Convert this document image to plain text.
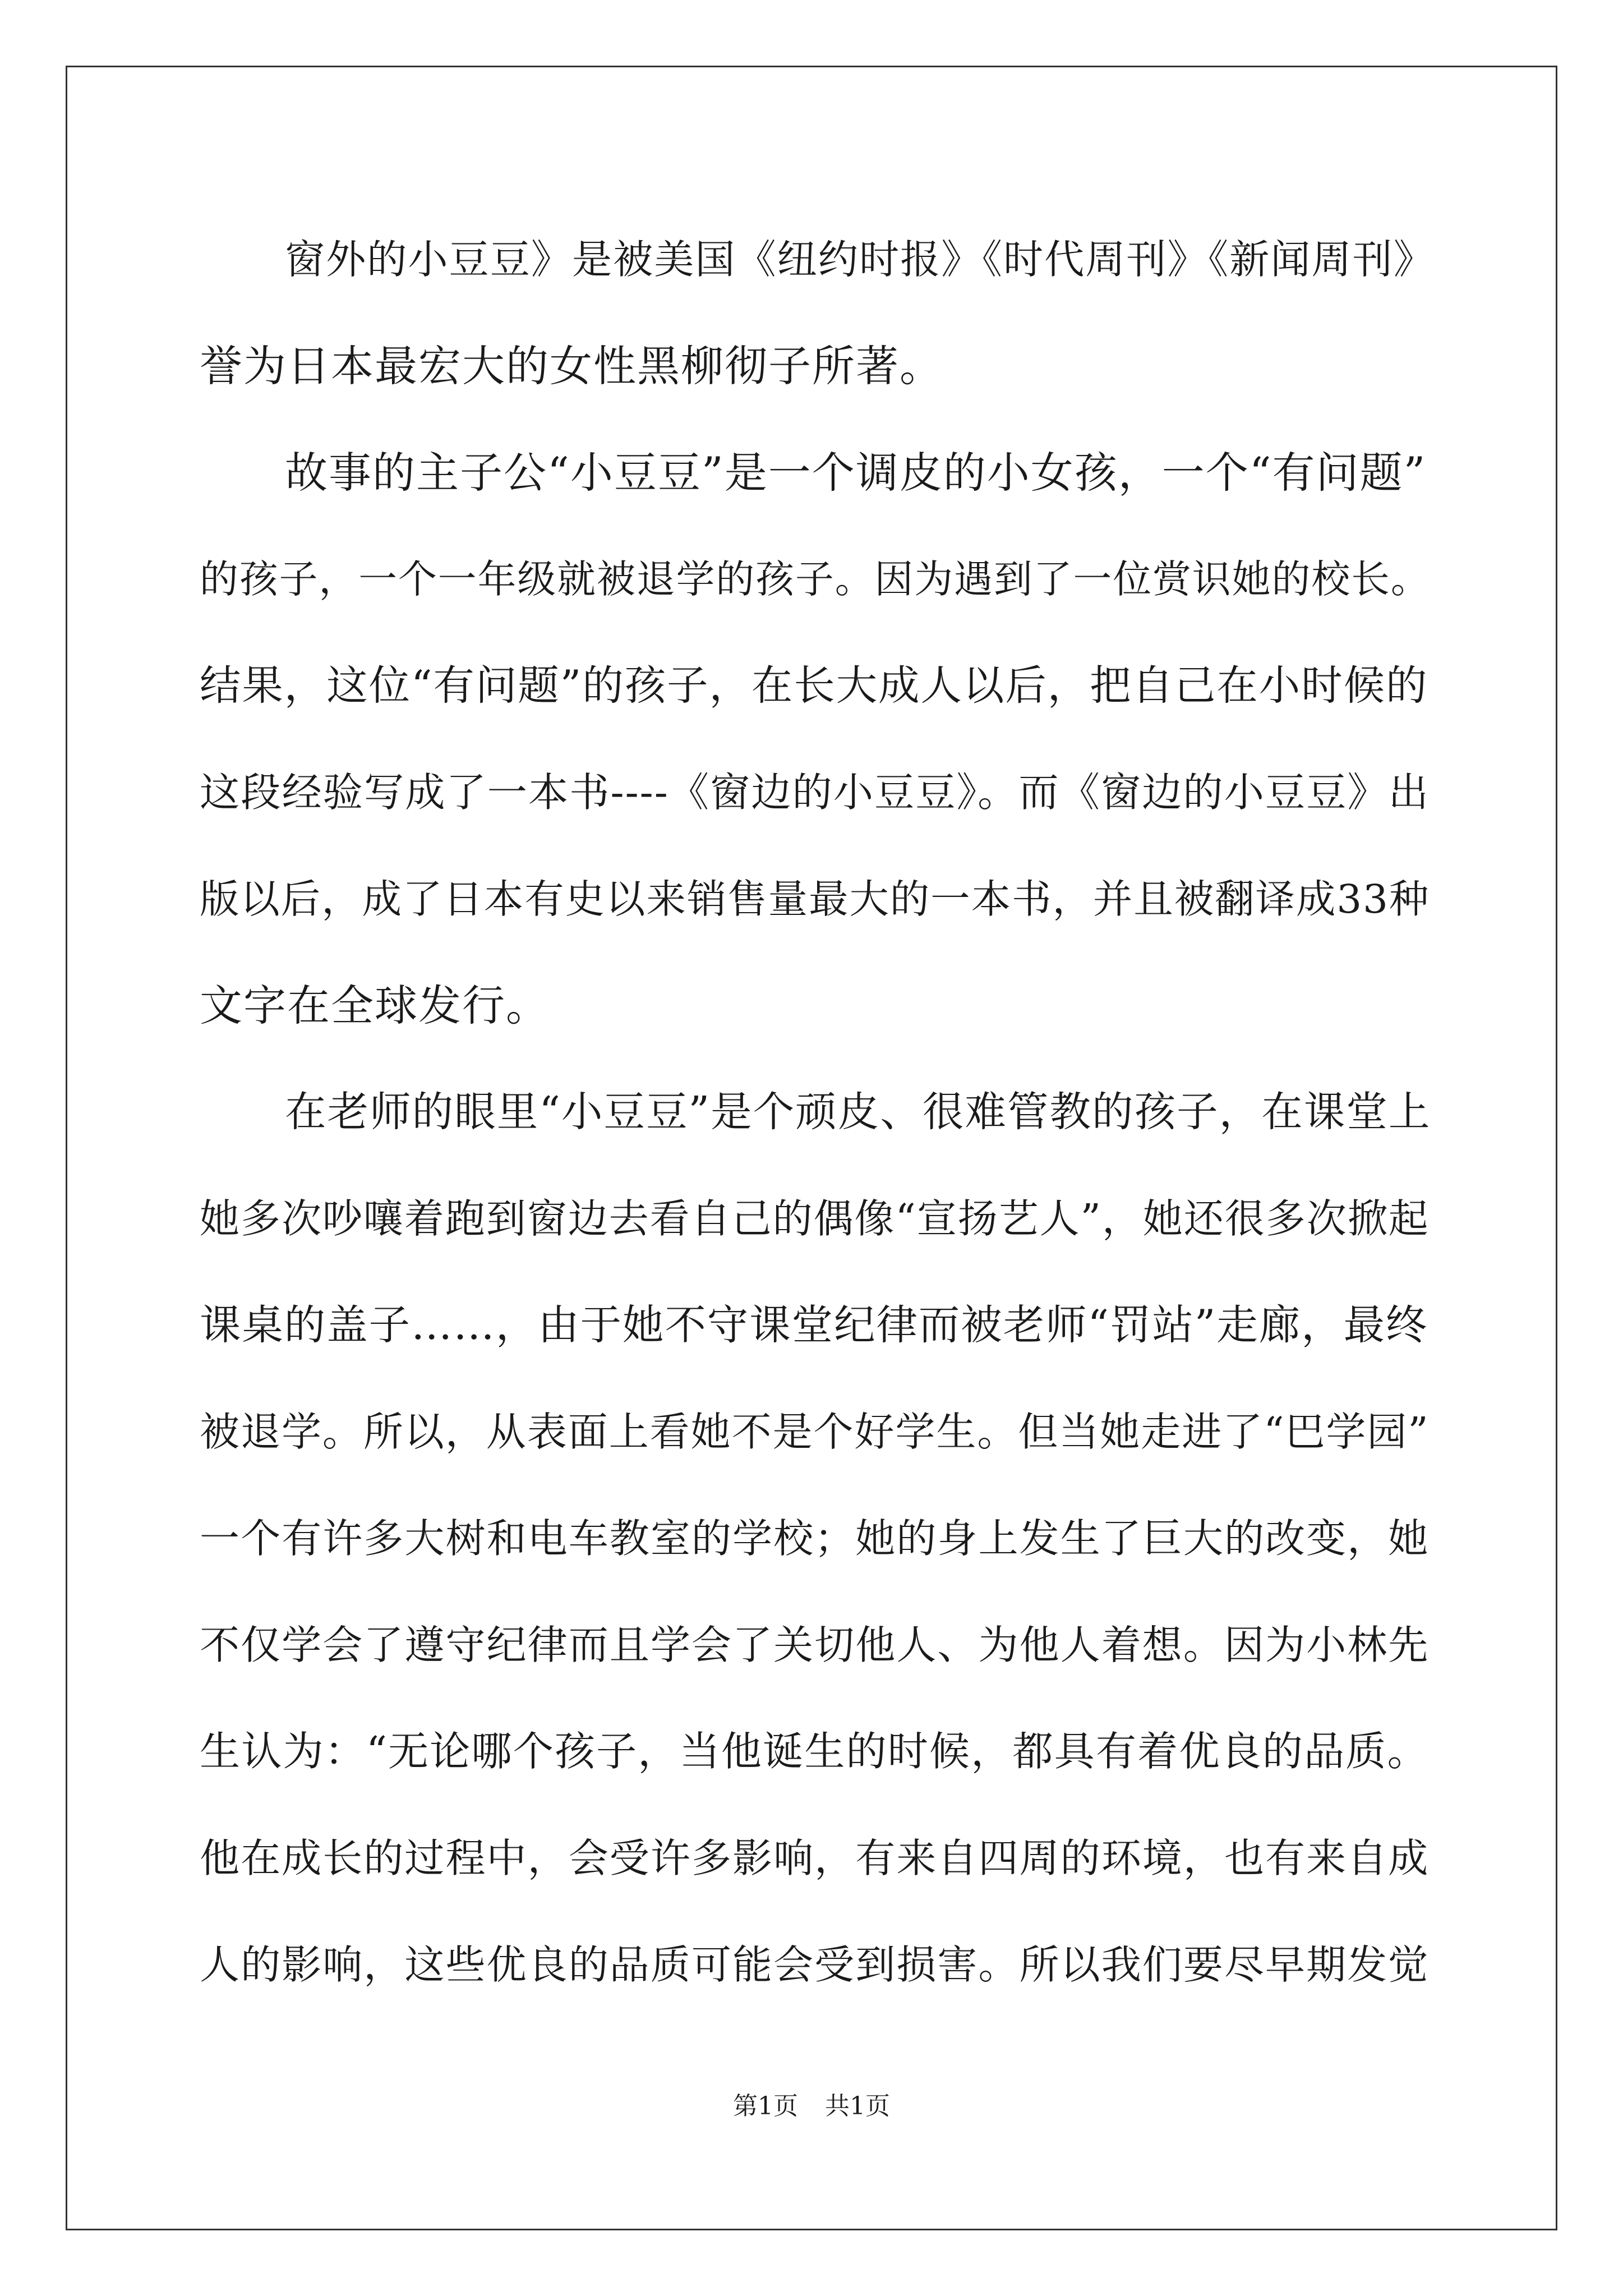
窗外的小豆豆》是被美国《纽约时报》《时代周刊》《新闻周刊》
誉为日本最宏大的女性黑柳彻子所著。
故事的主子公“小豆豆”是一个调皮的小女孩，一个“有问题”
的孩子，一个一年级就被退学的孩子。因为遇到了一位赏识她的校长。
结果，这位“有问题”的孩子，在长大成人以后，把自己在小时候的
这段经验写成了一本书----《窗边的小豆豆》。而《窗边的小豆豆》出
版以后，成了日本有史以来销售量最大的一本书，并且被翻译成33种
文字在全球发行。
在老师的眼里“小豆豆”是个顽皮、很难管教的孩子，在课堂上
她多次吵嚷着跑到窗边去看自己的偶像“宣扬艺人”，她还很多次掀起
课桌的盖子……，由于她不守课堂纪律而被老师“罚站”走廊，最终
被退学。所以，从表面上看她不是个好学生。但当她走进了“巴学园”
一个有许多大树和电车教室的学校；她的身上发生了巨大的改变，她
不仅学会了遵守纪律而且学会了关切他人、为他人着想。因为小林先
生认为：“无论哪个孩子，当他诞生的时候，都具有着优良的品质。
他在成长的过程中，会受许多影响，有来自四周的环境，也有来自成
人的影响，这些优良的品质可能会受到损害。所以我们要尽早期发觉
第1页 共1页
